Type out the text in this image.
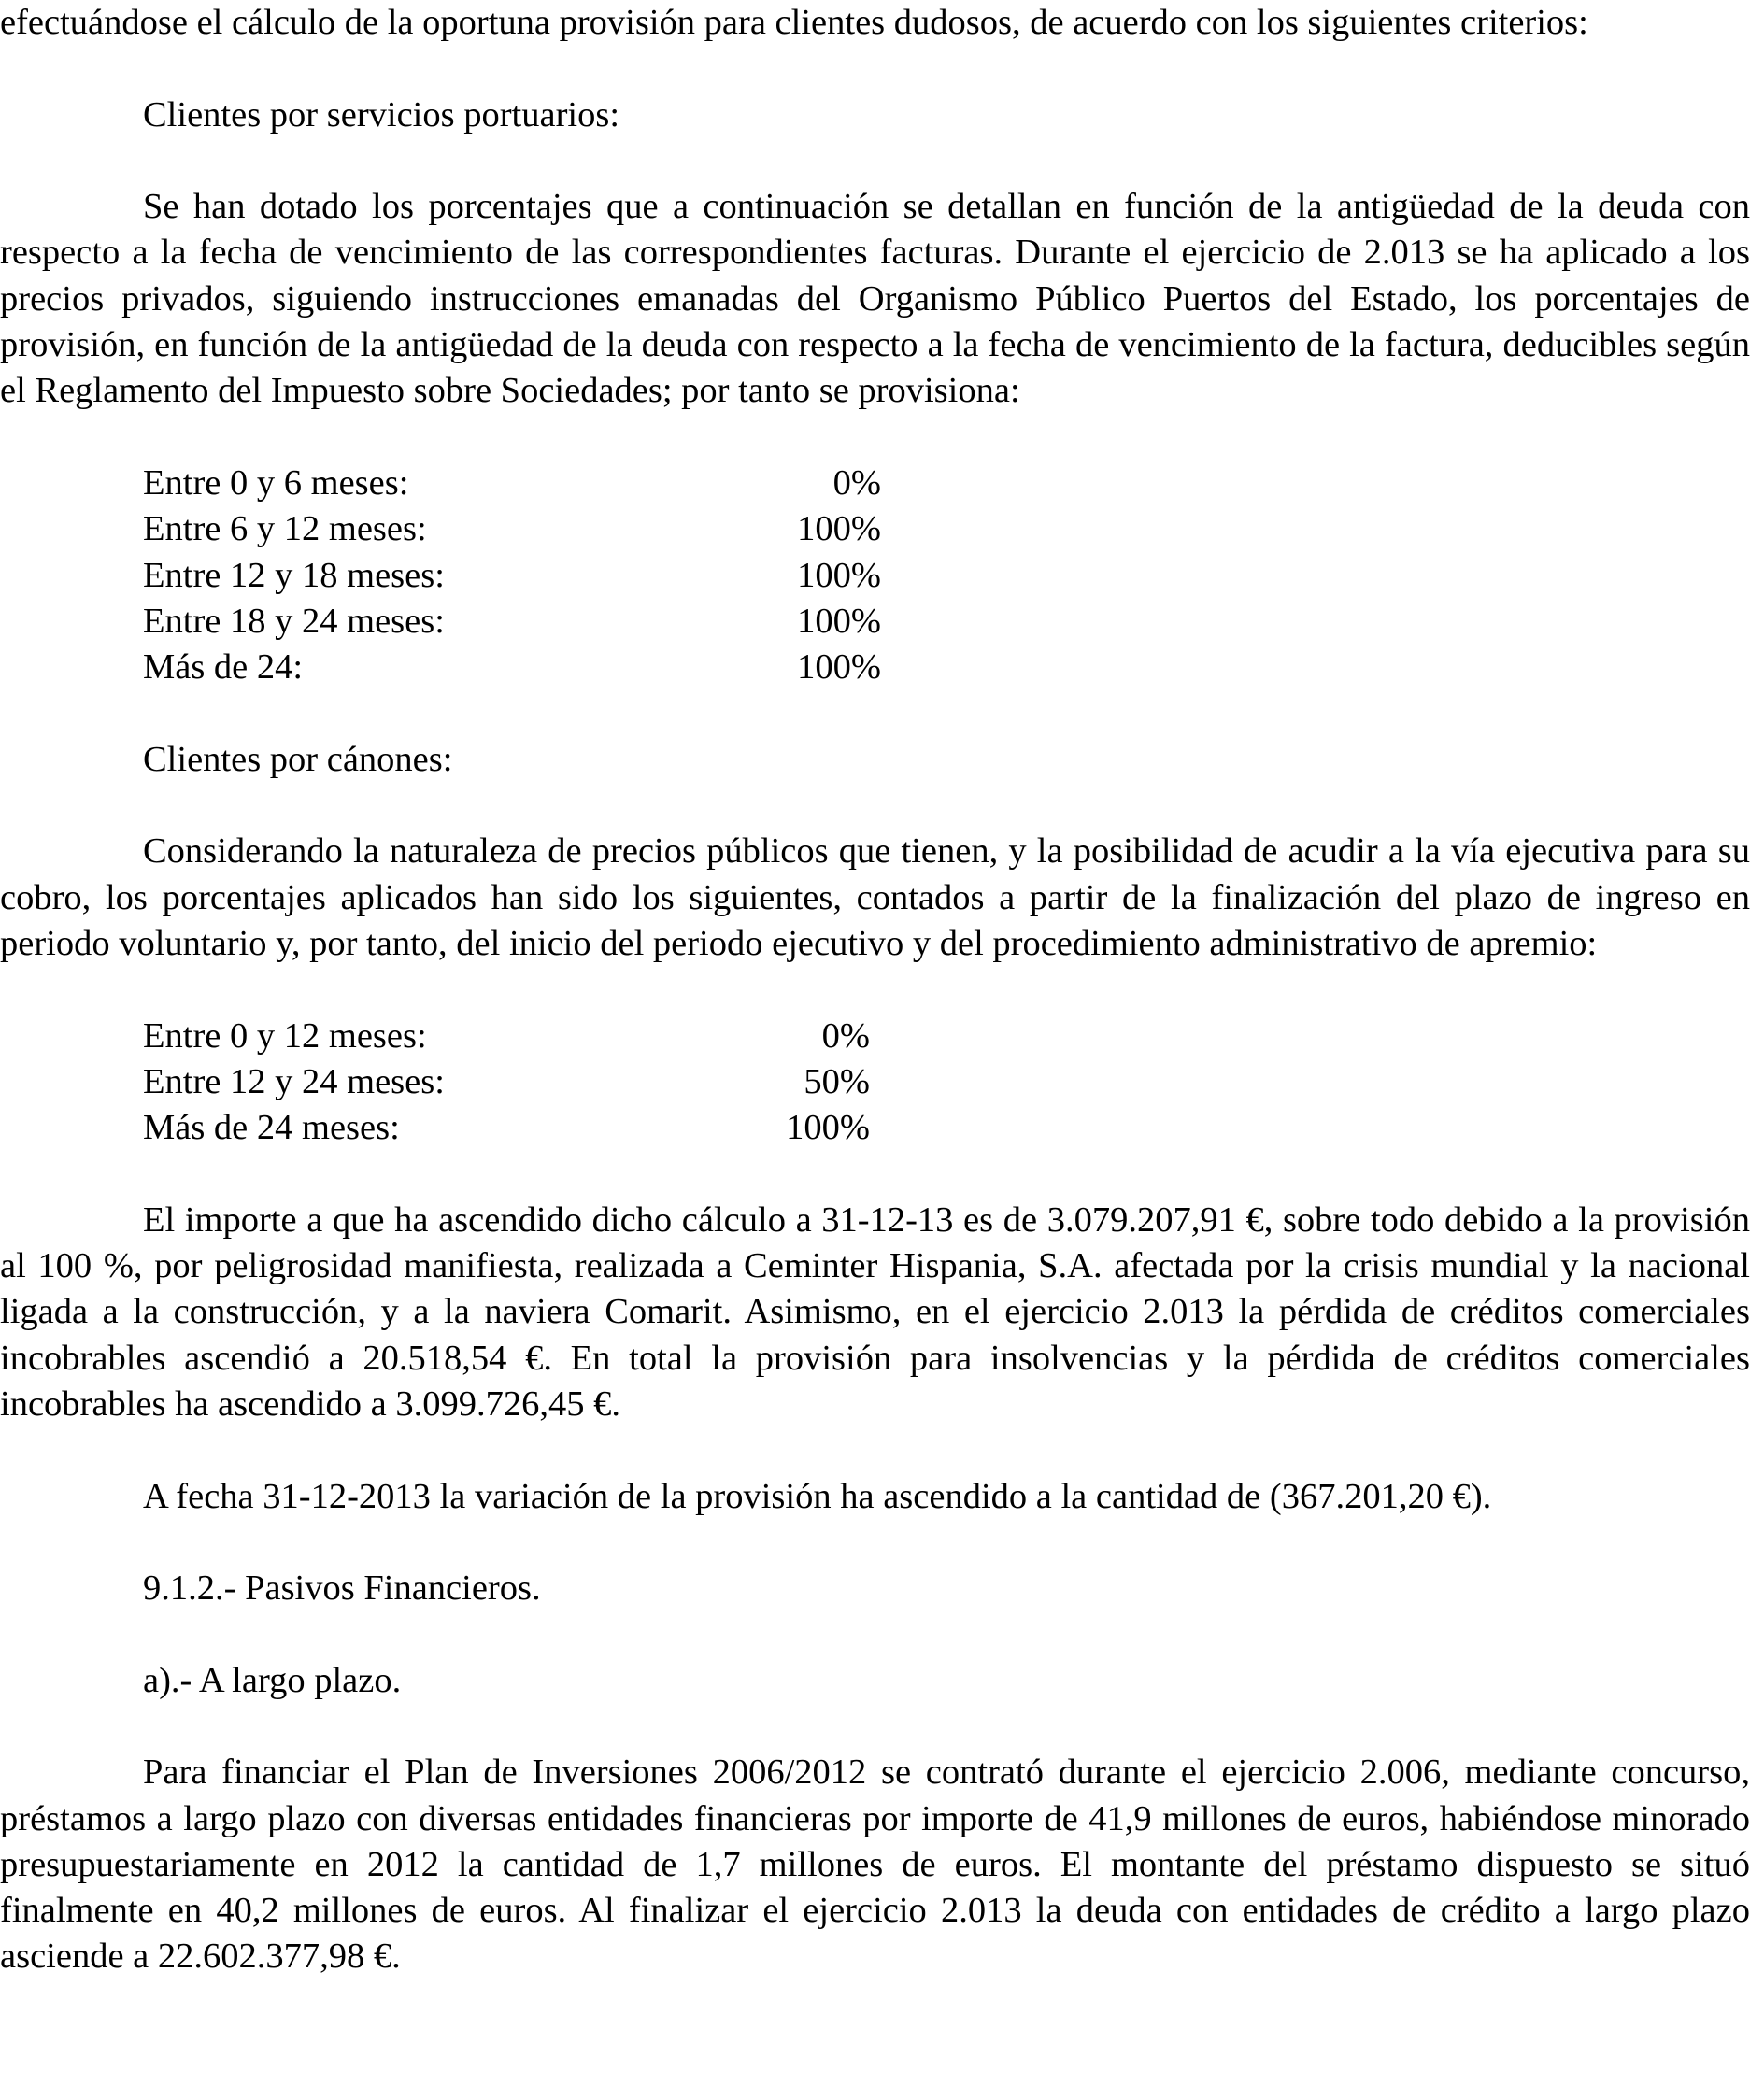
efectuándose el cálculo de la oportuna provisión para clientes dudosos, de acuerdo con los siguientes criterios:

Clientes por servicios portuarios:

Se han dotado los porcentajes que a continuación se detallan en función de la antigüedad de la deuda con respecto a la fecha de vencimiento de las correspondientes facturas. Durante el ejercicio de 2.013 se ha aplicado a los precios privados, siguiendo instrucciones emanadas del Organismo Público Puertos del Estado, los porcentajes de provisión, en función de la antigüedad de la deuda con respecto a la fecha de vencimiento de la factura, deducibles según el Reglamento del Impuesto sobre Sociedades; por tanto se provisiona:

Entre 0 y 6 meses:	0%
Entre 6 y 12 meses:	100%
Entre 12 y 18 meses:	100%
Entre 18 y 24 meses:	100%
Más de 24:	100%

Clientes por cánones:

Considerando la naturaleza de precios públicos que tienen, y la posibilidad de acudir a la vía ejecutiva para su cobro, los porcentajes aplicados han sido los siguientes, contados a partir de la finalización del plazo de ingreso en periodo voluntario y, por tanto, del inicio del periodo ejecutivo y del procedimiento administrativo de apremio:

Entre 0 y 12 meses:	0%
Entre 12 y 24 meses:	50%
Más de 24 meses:	100%

El importe a que ha ascendido dicho cálculo a 31-12-13 es de 3.079.207,91 €, sobre todo debido a la provisión al 100 %, por peligrosidad manifiesta, realizada a Ceminter Hispania, S.A. afectada por la crisis mundial y la nacional ligada a la construcción, y a la naviera Comarit. Asimismo, en el ejercicio 2.013 la pérdida de créditos comerciales incobrables ascendió a 20.518,54 €. En total la provisión para insolvencias y la pérdida de créditos comerciales incobrables ha ascendido a 3.099.726,45 €.

A fecha 31-12-2013 la variación de la provisión ha ascendido a la cantidad de (367.201,20 €).

9.1.2.- Pasivos Financieros.

a).- A largo plazo.

Para financiar el Plan de Inversiones 2006/2012 se contrató durante el ejercicio 2.006, mediante concurso, préstamos a largo plazo con diversas entidades financieras por importe de 41,9 millones de euros, habiéndose minorado presupuestariamente en 2012 la cantidad de 1,7 millones de euros. El montante del préstamo dispuesto se situó finalmente en 40,2 millones de euros. Al finalizar el ejercicio 2.013 la deuda con entidades de crédito a largo plazo asciende a 22.602.377,98 €.
